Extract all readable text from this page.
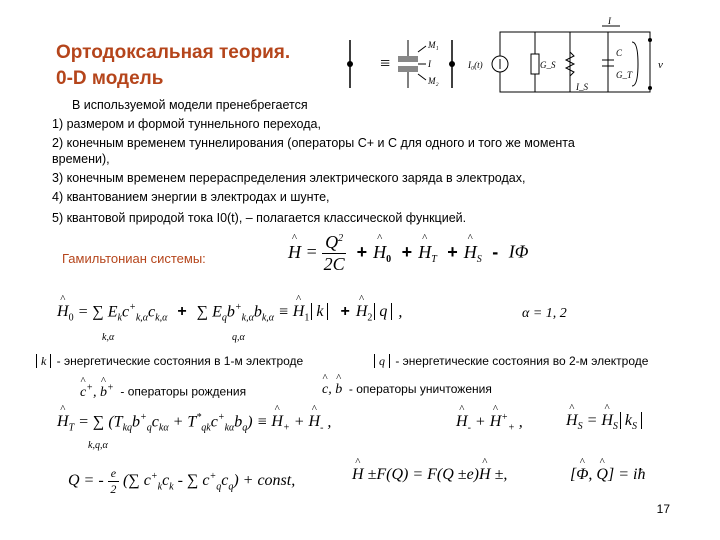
Ортодоксальная теория.
0-D модель
≡
M₁
I
M₂
I₀(t)	G_S
I_S
C
G_T
I
v
В используемой модели пренебрегается
1) размером и формой туннельного перехода,
2) конечным временем туннелирования (операторы С+ и С для одного и того же момента
времени),
3) конечным временем перераспределения электрического заряда в электродах,
4) квантованием энергии в электродах и шунте,
5) квантовой природой тока I0(t), – полагается классической функцией.
Гамильтониан системы:	^ $H = \frac{Q^2}{2C}$ + ^ $H_0$ + ^ $H_T$ + ^ $H_S$ - IΦ
^ $H_0$ = ∑ $E_kc^+_{k,\alpha}c_{k,\alpha}$ + ∑ $E_qb^+_{k,\alpha}b_{k,\alpha}$ ≡ ^ $H_1$ k + ^ $H_2$ q ,
k,α	q,α
α = 1, 2
k - энергетические состояния в 1-м электроде	q - энергетические состояния во 2-м электроде
^ c+, ^ b+ - операторы рождения	^ c, ^ b - операторы уничтожения
^ $H_T$ = ∑ $(T_{kq}b^+_qc_{k\alpha} + T^*_{qk}c^+_{k\alpha}b_q)$ ≡ ^ $H_+$ + ^ $H_-$ ,
k,q,α
^ $H_-$ + ^ $H^+_+$ ,	^ $H_S$ = ^ $H_S$ $k_S$
Q = - $\frac{e}{2}$ (∑ $c^+_kc_k$ - ∑ $c^+_qc_q$) + const,	^ H ±F(Q) = F(Q ±e)^ H ±,	[^ Φ, ^ Q] = iħ
17
